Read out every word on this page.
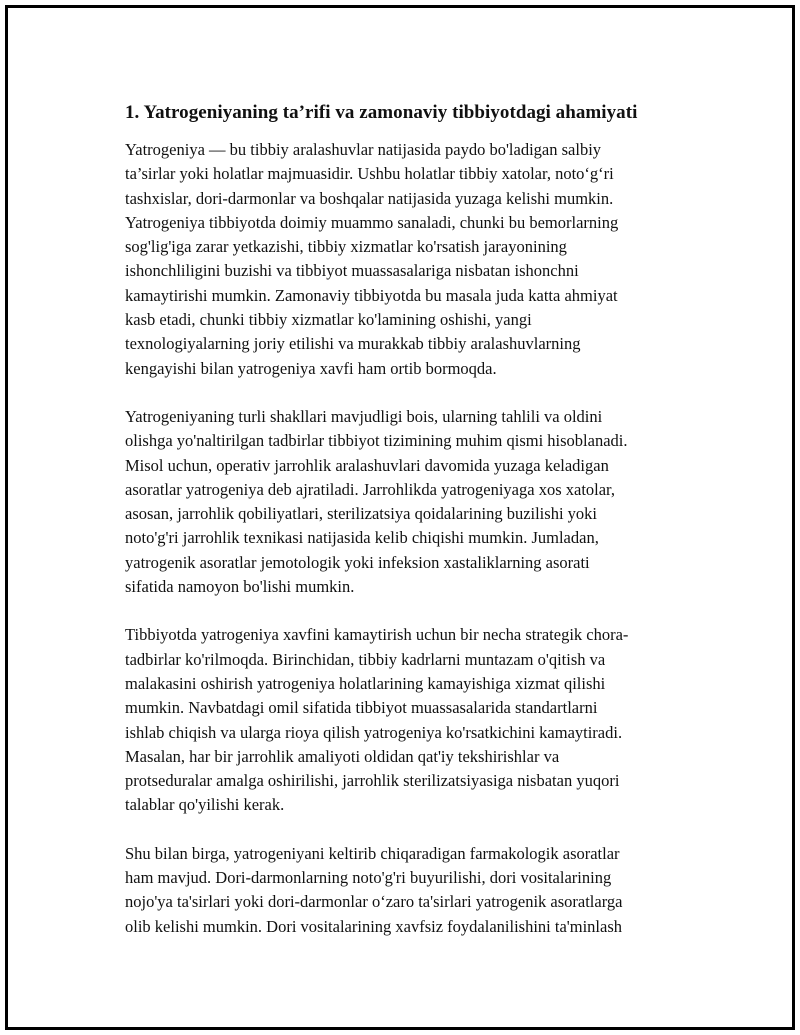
1. Yatrogeniyaning ta’rifi va zamonaviy tibbiyotdagi ahamiyati

Yatrogeniya — bu tibbiy aralashuvlar natijasida paydo bo'ladigan salbiy
ta’sirlar yoki holatlar majmuasidir. Ushbu holatlar tibbiy xatolar, noto‘g‘ri
tashxislar, dori-darmonlar va boshqalar natijasida yuzaga kelishi mumkin.
Yatrogeniya tibbiyotda doimiy muammo sanaladi, chunki bu bemorlarning
sog'lig'iga zarar yetkazishi, tibbiy xizmatlar ko'rsatish jarayonining
ishonchliligini buzishi va tibbiyot muassasalariga nisbatan ishonchni
kamaytirishi mumkin. Zamonaviy tibbiyotda bu masala juda katta ahmiyat
kasb etadi, chunki tibbiy xizmatlar ko'lamining oshishi, yangi
texnologiyalarning joriy etilishi va murakkab tibbiy aralashuvlarning
kengayishi bilan yatrogeniya xavfi ham ortib bormoqda.

Yatrogeniyaning turli shakllari mavjudligi bois, ularning tahlili va oldini
olishga yo'naltirilgan tadbirlar tibbiyot tizimining muhim qismi hisoblanadi.
Misol uchun, operativ jarrohlik aralashuvlari davomida yuzaga keladigan
asoratlar yatrogeniya deb ajratiladi. Jarrohlikda yatrogeniyaga xos xatolar,
asosan, jarrohlik qobiliyatlari, sterilizatsiya qoidalarining buzilishi yoki
noto'g'ri jarrohlik texnikasi natijasida kelib chiqishi mumkin. Jumladan,
yatrogenik asoratlar jemotologik yoki infeksion xastaliklarning asorati
sifatida namoyon bo'lishi mumkin.

Tibbiyotda yatrogeniya xavfini kamaytirish uchun bir necha strategik chora-
tadbirlar ko'rilmoqda. Birinchidan, tibbiy kadrlarni muntazam o'qitish va
malakasini oshirish yatrogeniya holatlarining kamayishiga xizmat qilishi
mumkin. Navbatdagi omil sifatida tibbiyot muassasalarida standartlarni
ishlab chiqish va ularga rioya qilish yatrogeniya ko'rsatkichini kamaytiradi.
Masalan, har bir jarrohlik amaliyoti oldidan qat'iy tekshirishlar va
protseduralar amalga oshirilishi, jarrohlik sterilizatsiyasiga nisbatan yuqori
talablar qo'yilishi kerak.

Shu bilan birga, yatrogeniyani keltirib chiqaradigan farmakologik asoratlar
ham mavjud. Dori-darmonlarning noto'g'ri buyurilishi, dori vositalarining
nojo'ya ta'sirlari yoki dori-darmonlar o‘zaro ta'sirlari yatrogenik asoratlarga
olib kelishi mumkin. Dori vositalarining xavfsiz foydalanilishini ta'minlash
